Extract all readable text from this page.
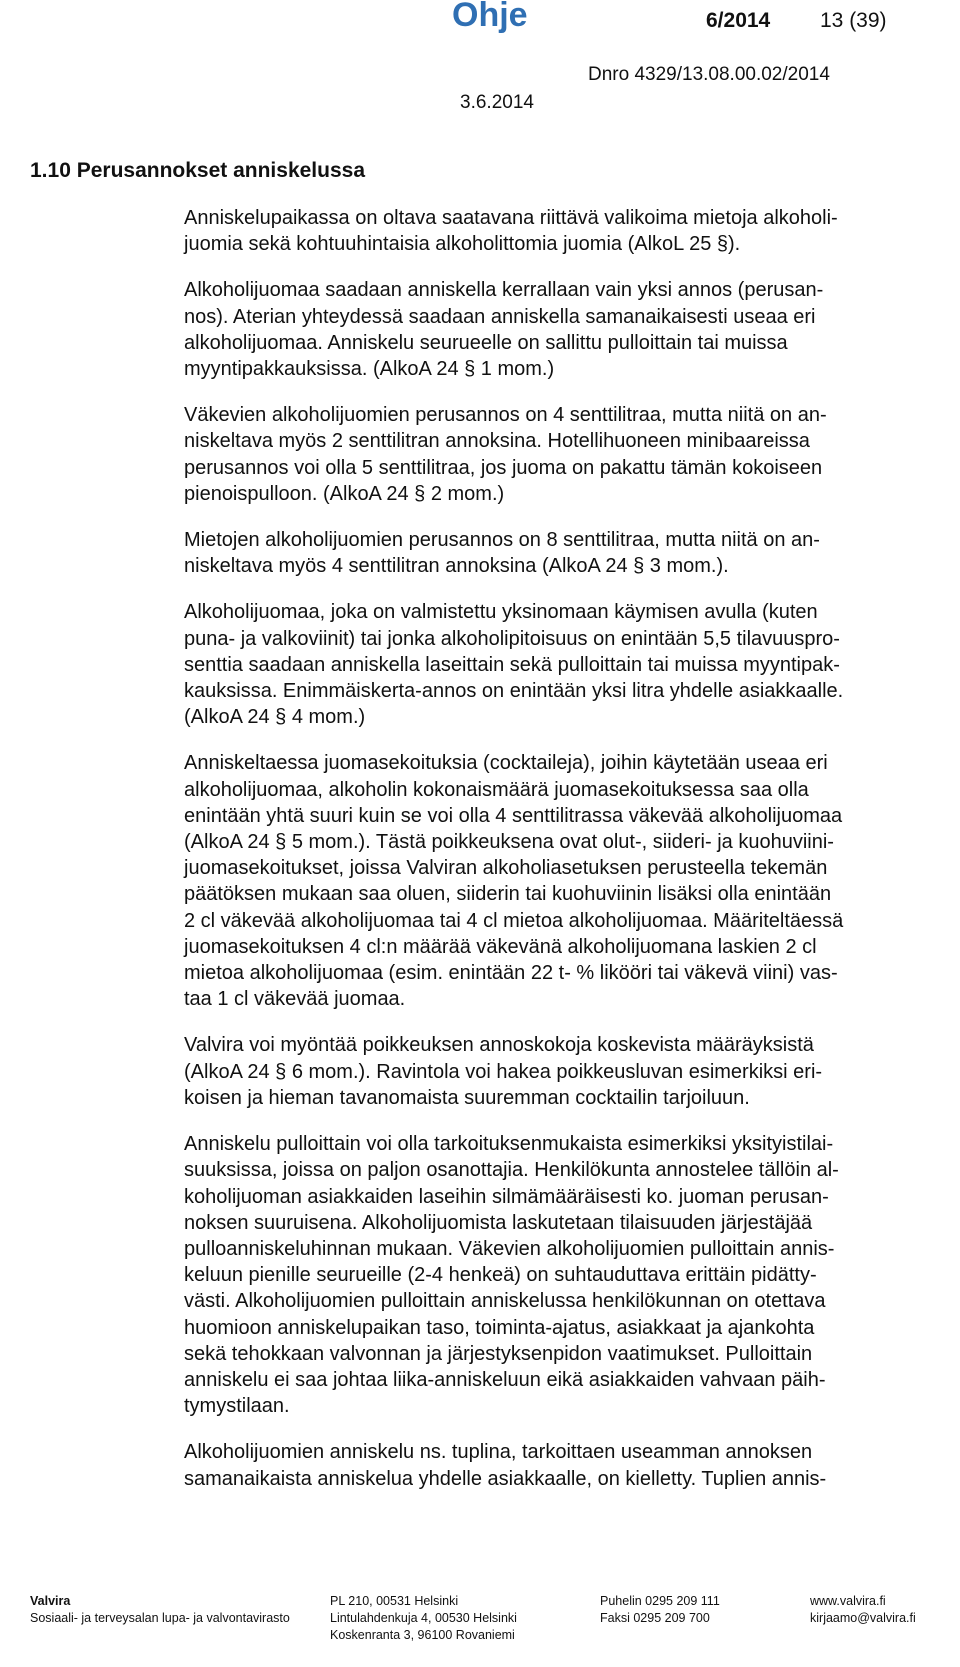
Ohje	6/2014 13 (39)
Dnro 4329/13.08.00.02/2014
3.6.2014
1.10 Perusannokset anniskelussa

Anniskelupaikassa on oltava saatavana riittävä valikoima mietoja alkoholi-
juomia sekä kohtuuhintaisia alkoholittomia juomia (AlkoL 25 §).

Alkoholijuomaa saadaan anniskella kerrallaan vain yksi annos (perusan-
nos). Aterian yhteydessä saadaan anniskella samanaikaisesti useaa eri
alkoholijuomaa. Anniskelu seurueelle on sallittu pulloittain tai muissa
myyntipakkauksissa. (AlkoA 24 § 1 mom.)

Väkevien alkoholijuomien perusannos on 4 senttilitraa, mutta niitä on an-
niskeltava myös 2 senttilitran annoksina. Hotellihuoneen minibaareissa
perusannos voi olla 5 senttilitraa, jos juoma on pakattu tämän kokoiseen
pienoispulloon. (AlkoA 24 § 2 mom.)

Mietojen alkoholijuomien perusannos on 8 senttilitraa, mutta niitä on an-
niskeltava myös 4 senttilitran annoksina (AlkoA 24 § 3 mom.).

Alkoholijuomaa, joka on valmistettu yksinomaan käymisen avulla (kuten
puna- ja valkoviinit) tai jonka alkoholipitoisuus on enintään 5,5 tilavuuspro-
senttia saadaan anniskella laseittain sekä pulloittain tai muissa myyntipak-
kauksissa. Enimmäiskerta-annos on enintään yksi litra yhdelle asiakkaalle.
(AlkoA 24 § 4 mom.)

Anniskeltaessa juomasekoituksia (cocktaileja), joihin käytetään useaa eri
alkoholijuomaa, alkoholin kokonaismäärä juomasekoituksessa saa olla
enintään yhtä suuri kuin se voi olla 4 senttilitrassa väkevää alkoholijuomaa
(AlkoA 24 § 5 mom.). Tästä poikkeuksena ovat olut-, siideri- ja kuohuviini-
juomasekoitukset, joissa Valviran alkoholiasetuksen perusteella tekemän
päätöksen mukaan saa oluen, siiderin tai kuohuviinin lisäksi olla enintään
2 cl väkevää alkoholijuomaa tai 4 cl mietoa alkoholijuomaa. Määriteltäessä
juomasekoituksen 4 cl:n määrää väkevänä alkoholijuomana laskien 2 cl
mietoa alkoholijuomaa (esim. enintään 22 t- % likööri tai väkevä viini) vas-
taa 1 cl väkevää juomaa.

Valvira voi myöntää poikkeuksen annoskokoja koskevista määräyksistä
(AlkoA 24 § 6 mom.). Ravintola voi hakea poikkeusluvan esimerkiksi eri-
koisen ja hieman tavanomaista suuremman cocktailin tarjoiluun.

Anniskelu pulloittain voi olla tarkoituksenmukaista esimerkiksi yksityistilai-
suuksissa, joissa on paljon osanottajia. Henkilökunta annostelee tällöin al-
koholijuoman asiakkaiden laseihin silmämääräisesti ko. juoman perusan-
noksen suuruisena. Alkoholijuomista laskutetaan tilaisuuden järjestäjää
pulloanniskeluhinnan mukaan. Väkevien alkoholijuomien pulloittain annis-
keluun pienille seurueille (2-4 henkeä) on suhtauduttava erittäin pidätty-
västi. Alkoholijuomien pulloittain anniskelussa henkilökunnan on otettava
huomioon anniskelupaikan taso, toiminta-ajatus, asiakkaat ja ajankohta
sekä tehokkaan valvonnan ja järjestyksenpidon vaatimukset. Pulloittain
anniskelu ei saa johtaa liika-anniskeluun eikä asiakkaiden vahvaan päih-
tymystilaan.

Alkoholijuomien anniskelu ns. tuplina, tarkoittaen useamman annoksen
samanaikaista anniskelua yhdelle asiakkaalle, on kielletty. Tuplien annis-

Valvira
Sosiaali- ja terveysalan lupa- ja valvontavirasto
PL 210, 00531 Helsinki
Lintulahdenkuja 4, 00530 Helsinki
Koskenranta 3, 96100 Rovaniemi
Puhelin 0295 209 111
Faksi 0295 209 700
www.valvira.fi
kirjaamo@valvira.fi
